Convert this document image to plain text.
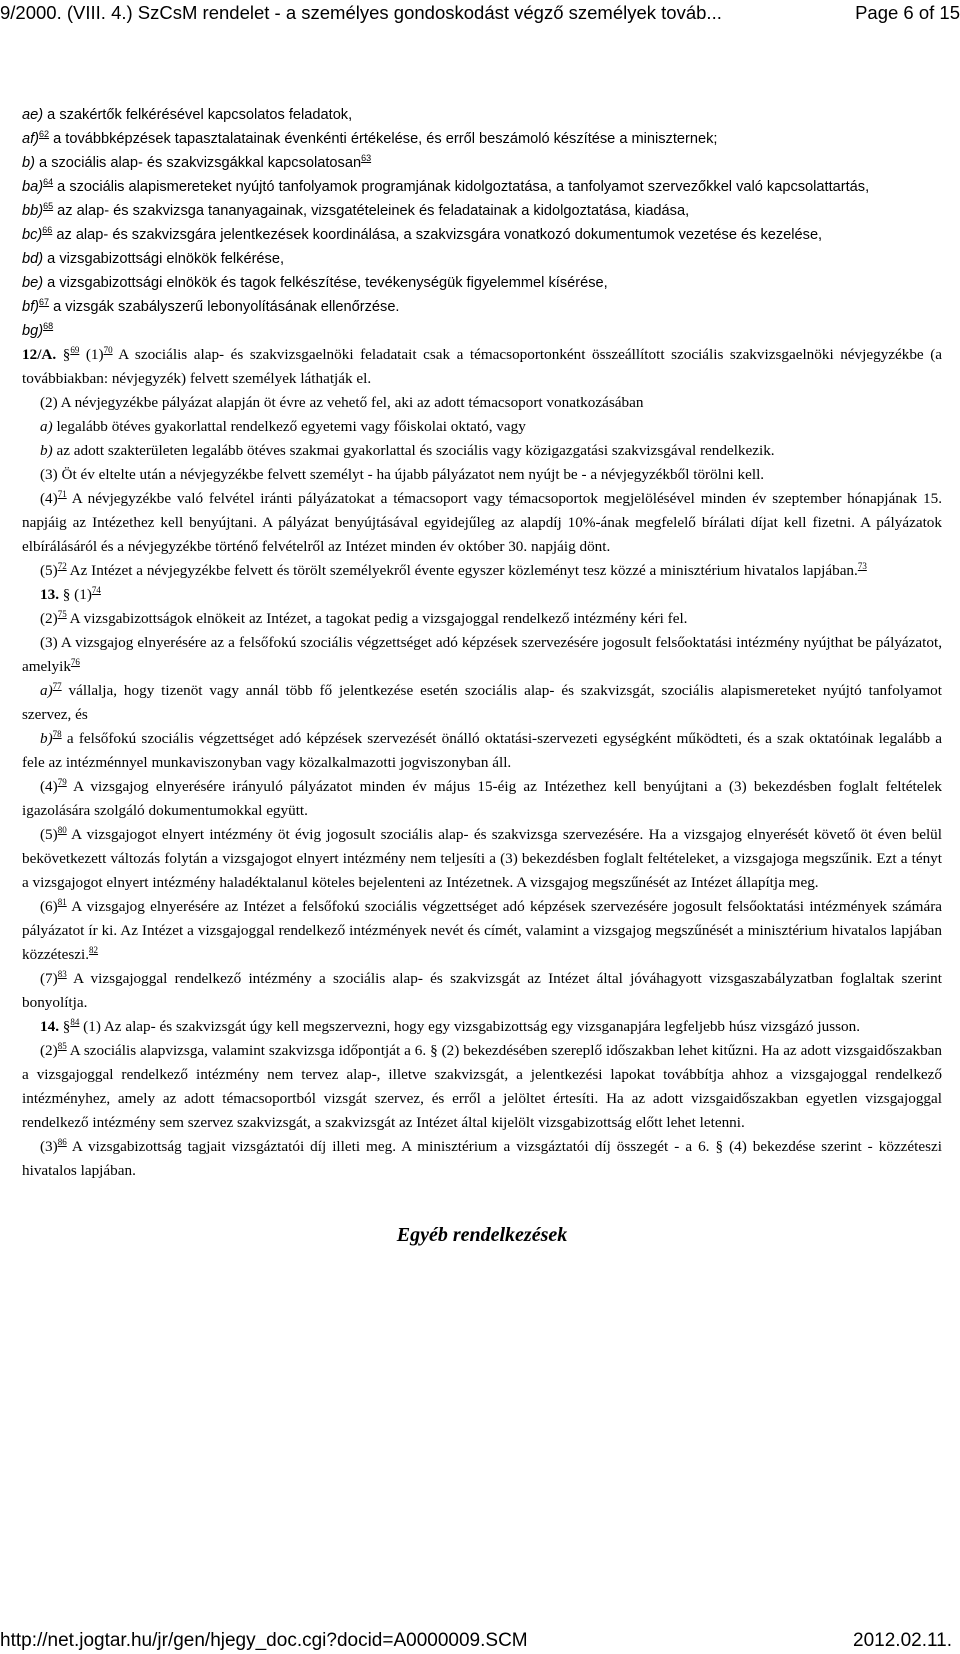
9/2000. (VIII. 4.) SzCsM rendelet - a személyes gondoskodást végző személyek továb...	Page 6 of 15

ae) a szakértők felkérésével kapcsolatos feladatok,

af)$^{62}$ a továbbképzések tapasztalatainak évenkénti értékelése, és erről beszámoló készítése a miniszternek;

b) a szociális alap- és szakvizsgákkal kapcsolatosan$^{63}$

ba)$^{64}$ a szociális alapismereteket nyújtó tanfolyamok programjának kidolgoztatása, a tanfolyamot szervezőkkel való kapcsolattartás,

bb)$^{65}$ az alap- és szakvizsga tananyagainak, vizsgatételeinek és feladatainak a kidolgoztatása, kiadása,

bc)$^{66}$ az alap- és szakvizsgára jelentkezések koordinálása, a szakvizsgára vonatkozó dokumentumok vezetése és kezelése,

bd) a vizsgabizottsági elnökök felkérése,

be) a vizsgabizottsági elnökök és tagok felkészítése, tevékenységük figyelemmel kísérése,

bf)$^{67}$ a vizsgák szabályszerű lebonyolításának ellenőrzése.

bg)$^{68}$

12/A. §$^{69}$ $(1)^{70}$ A szociális alap- és szakvizsgaelnöki feladatait csak a témacsoportonként összeállított szociális szakvizsgaelnöki névjegyzékbe (a továbbiakban: névjegyzék) felvett személyek láthatják el.

(2) A névjegyzékbe pályázat alapján öt évre az vehető fel, aki az adott témacsoport vonatkozásában

a) legalább ötéves gyakorlattal rendelkező egyetemi vagy főiskolai oktató, vagy

b) az adott szakterületen legalább ötéves szakmai gyakorlattal és szociális vagy közigazgatási szakvizsgával rendelkezik.

(3) Öt év eltelte után a névjegyzékbe felvett személyt - ha újabb pályázatot nem nyújt be - a névjegyzékből törölni kell.

$(4)^{71}$ A névjegyzékbe való felvétel iránti pályázatokat a témacsoport vagy témacsoportok megjelölésével minden év szeptember hónapjának 15. napjáig az Intézethez kell benyújtani. A pályázat benyújtásával egyidejűleg az alapdíj 10%-ának megfelelő bírálati díjat kell fizetni. A pályázatok elbírálásáról és a névjegyzékbe történő felvételről az Intézet minden év október 30. napjáig dönt.

$(5)^{72}$ Az Intézet a névjegyzékbe felvett és törölt személyekről évente egyszer közleményt tesz közzé a minisztérium hivatalos lapjában.$^{73}$

13. § $(1)^{74}$

$(2)^{75}$ A vizsgabizottságok elnökeit az Intézet, a tagokat pedig a vizsgajoggal rendelkező intézmény kéri fel.

(3) A vizsgajog elnyerésére az a felsőfokú szociális végzettséget adó képzések szervezésére jogosult felsőoktatási intézmény nyújthat be pályázatot, amelyik$^{76}$

a)$^{77}$ vállalja, hogy tizenöt vagy annál több fő jelentkezése esetén szociális alap- és szakvizsgát, szociális alapismereteket nyújtó tanfolyamot szervez, és

b)$^{78}$ a felsőfokú szociális végzettséget adó képzések szervezését önálló oktatási-szervezeti egységként működteti, és a szak oktatóinak legalább a fele az intézménnyel munkaviszonyban vagy közalkalmazotti jogviszonyban áll.

$(4)^{79}$ A vizsgajog elnyerésére irányuló pályázatot minden év május 15-éig az Intézethez kell benyújtani a (3) bekezdésben foglalt feltételek igazolására szolgáló dokumentumokkal együtt.

$(5)^{80}$ A vizsgajogot elnyert intézmény öt évig jogosult szociális alap- és szakvizsga szervezésére. Ha a vizsgajog elnyerését követő öt éven belül bekövetkezett változás folytán a vizsgajogot elnyert intézmény nem teljesíti a (3) bekezdésben foglalt feltételeket, a vizsgajoga megszűnik. Ezt a tényt a vizsgajogot elnyert intézmény haladéktalanul köteles bejelenteni az Intézetnek. A vizsgajog megszűnését az Intézet állapítja meg.

$(6)^{81}$ A vizsgajog elnyerésére az Intézet a felsőfokú szociális végzettséget adó képzések szervezésére jogosult felsőoktatási intézmények számára pályázatot ír ki. Az Intézet a vizsgajoggal rendelkező intézmények nevét és címét, valamint a vizsgajog megszűnését a minisztérium hivatalos lapjában közzéteszi.$^{82}$

$(7)^{83}$ A vizsgajoggal rendelkező intézmény a szociális alap- és szakvizsgát az Intézet által jóváhagyott vizsgaszabályzatban foglaltak szerint bonyolítja.

14. §$^{84}$ (1) Az alap- és szakvizsgát úgy kell megszervezni, hogy egy vizsgabizottság egy vizsganapjára legfeljebb húsz vizsgázó jusson.

$(2)^{85}$ A szociális alapvizsga, valamint szakvizsga időpontját a 6. § (2) bekezdésében szereplő időszakban lehet kitűzni. Ha az adott vizsgaidőszakban a vizsgajoggal rendelkező intézmény nem tervez alap-, illetve szakvizsgát, a jelentkezési lapokat továbbítja ahhoz a vizsgajoggal rendelkező intézményhez, amely az adott témacsoportból vizsgát szervez, és erről a jelöltet értesíti. Ha az adott vizsgaidőszakban egyetlen vizsgajoggal rendelkező intézmény sem szervez szakvizsgát, a szakvizsgát az Intézet által kijelölt vizsgabizottság előtt lehet letenni.

$(3)^{86}$ A vizsgabizottság tagjait vizsgáztatói díj illeti meg. A minisztérium a vizsgáztatói díj összegét - a 6. § (4) bekezdése szerint - közzéteszi hivatalos lapjában.

Egyéb rendelkezések
http://net.jogtar.hu/jr/gen/hjegy_doc.cgi?docid=A0000009.SCM	2012.02.11.
